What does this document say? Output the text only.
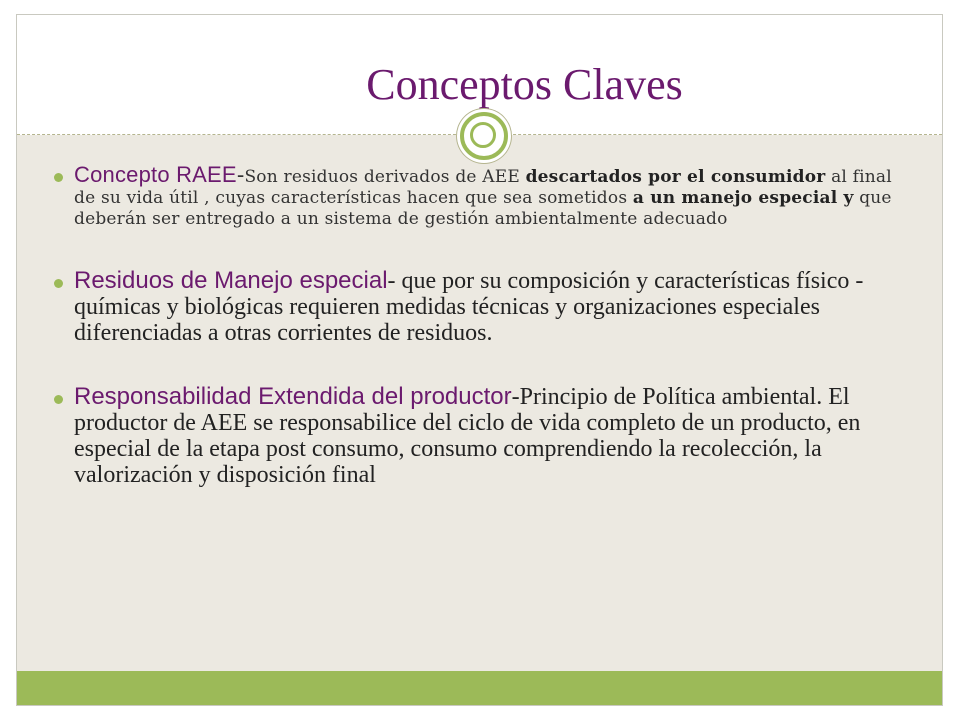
Conceptos Claves
Concepto RAEE-Son residuos derivados de AEE descartados por el consumidor al final de su vida útil , cuyas características hacen que sea sometidos a un manejo especial y que deberán ser entregado a un sistema de gestión ambientalmente adecuado
Residuos de Manejo especial- que por su composición y características físico - químicas y biológicas requieren medidas técnicas y organizaciones especiales diferenciadas a otras corrientes de residuos.
Responsabilidad Extendida del productor-Principio de Política ambiental. El productor de AEE se responsabilice del ciclo de vida completo de un producto, en especial de la etapa post consumo, consumo comprendiendo la recolección, la valorización y disposición final
